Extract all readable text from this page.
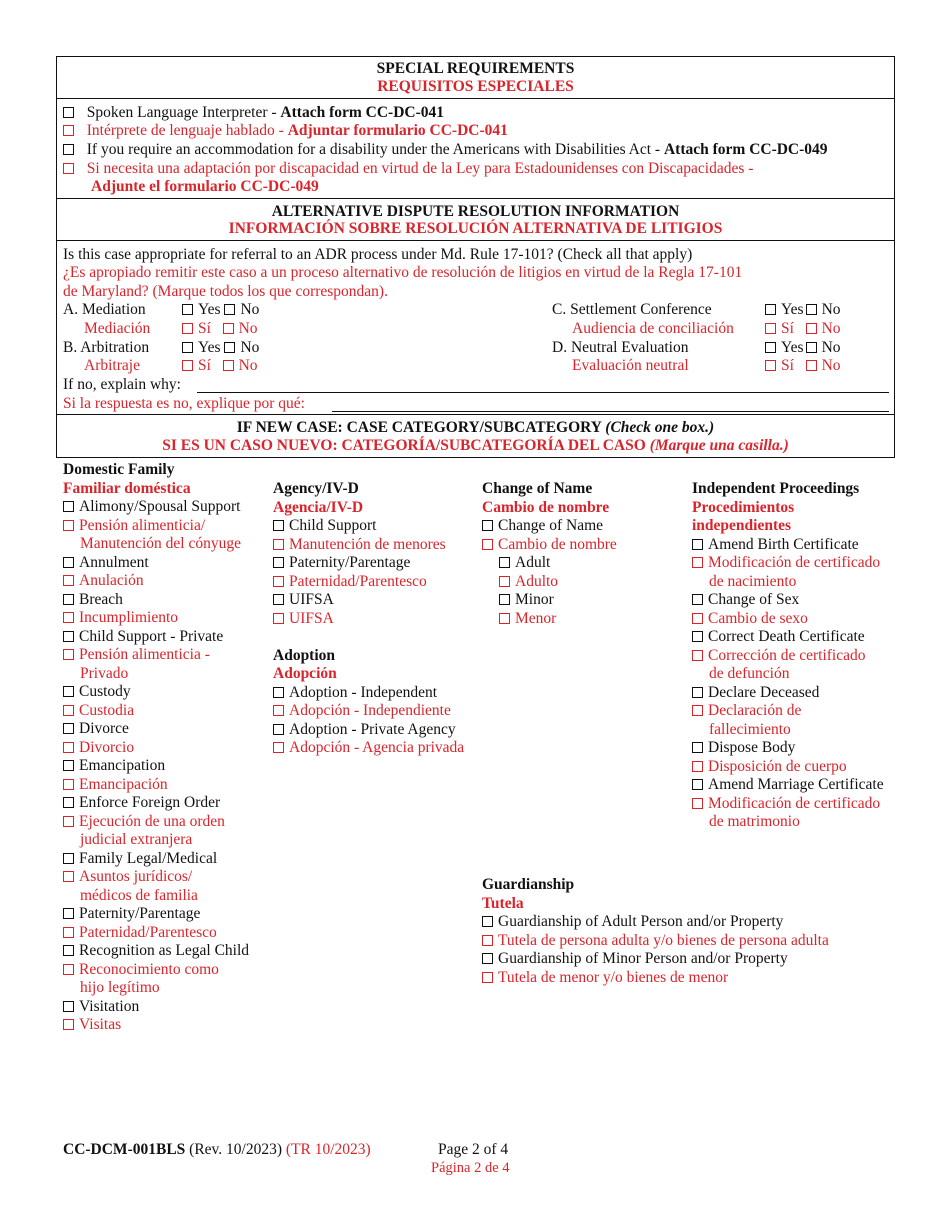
SPECIAL REQUIREMENTS
REQUISITOS ESPECIALES
Spoken Language Interpreter - Attach form CC-DC-041
Intérprete de lenguaje hablado - Adjuntar formulario CC-DC-041
If you require an accommodation for a disability under the Americans with Disabilities Act - Attach form CC-DC-049
Si necesita una adaptación por discapacidad en virtud de la Ley para Estadounidenses con Discapacidades -
Adjunte el formulario CC-DC-049
ALTERNATIVE DISPUTE RESOLUTION INFORMATION
INFORMACIÓN SOBRE RESOLUCIÓN ALTERNATIVA DE LITIGIOS
Is this case appropriate for referral to an ADR process under Md. Rule 17-101? (Check all that apply)
¿Es apropiado remitir este caso a un proceso alternativo de resolución de litigios en virtud de la Regla 17-101
de Maryland? (Marque todos los que correspondan).
A. Mediation	Yes No
Mediación	Sí No
B. Arbitration	Yes No
Arbitraje	Sí No
C. Settlement Conference	Yes No
Audiencia de conciliación	Sí No
D. Neutral Evaluation	Yes No
Evaluación neutral	Sí No
If no, explain why:
Si la respuesta es no, explique por qué:
IF NEW CASE: CASE CATEGORY/SUBCATEGORY (Check one box.)
SI ES UN CASO NUEVO: CATEGORÍA/SUBCATEGORÍA DEL CASO (Marque una casilla.)
Domestic Family
Familiar doméstica
Alimony/Spousal Support
Pensión alimenticia/
Manutención del cónyuge
Annulment
Anulación
Breach
Incumplimiento
Child Support - Private
Pensión alimenticia -
Privado
Custody
Custodia
Divorce
Divorcio
Emancipation
Emancipación
Enforce Foreign Order
Ejecución de una orden
judicial extranjera
Family Legal/Medical
Asuntos jurídicos/
médicos de familia
Paternity/Parentage
Paternidad/Parentesco
Recognition as Legal Child
Reconocimiento como
hijo legítimo
Visitation
Visitas
Agency/IV-D
Agencia/IV-D
Child Support
Manutención de menores
Paternity/Parentage
Paternidad/Parentesco
UIFSA
UIFSA
Adoption
Adopción
Adoption - Independent
Adopción - Independiente
Adoption - Private Agency
Adopción - Agencia privada
Change of Name
Cambio de nombre
Change of Name
Cambio de nombre
Adult
Adulto
Minor
Menor
Guardianship
Tutela
Guardianship of Adult Person and/or Property
Tutela de persona adulta y/o bienes de persona adulta
Guardianship of Minor Person and/or Property
Tutela de menor y/o bienes de menor
Independent Proceedings
Procedimientos
independientes
Amend Birth Certificate
Modificación de certificado
de nacimiento
Change of Sex
Cambio de sexo
Correct Death Certificate
Corrección de certificado
de defunción
Declare Deceased
Declaración de
fallecimiento
Dispose Body
Disposición de cuerpo
Amend Marriage Certificate
Modificación de certificado
de matrimonio
CC-DCM-001BLS (Rev. 10/2023) (TR 10/2023)	Page 2 of 4
Página 2 de 4
